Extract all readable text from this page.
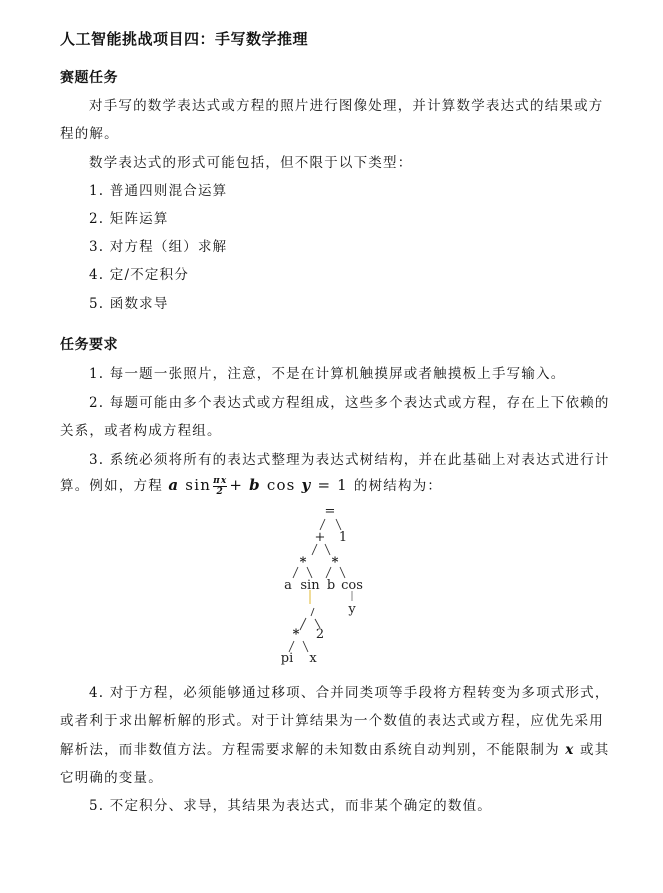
人工智能挑战项目四：手写数学推理
赛题任务
对手写的数学表达式或方程的照片进行图像处理，并计算数学表达式的结果或方
程的解。
数学表达式的形式可能包括，但不限于以下类型：
1. 普通四则混合运算
2. 矩阵运算
3. 对方程（组）求解
4. 定/不定积分
5. 函数求导
任务要求
1. 每一题一张照片，注意，不是在计算机触摸屏或者触摸板上手写输入。
2. 每题可能由多个表达式或方程组成，这些多个表达式或方程，存在上下依赖的
关系，或者构成方程组。
3. 系统必须将所有的表达式整理为表达式树结构，并在此基础上对表达式进行计
算。例如，方程 a $\sin \frac{\pi x}{2} + b$ cos y = 1 的树结构为：
=
+ 1
* *
a sin b cos
y
* 2
pi x
4. 对于方程，必须能够通过移项、合并同类项等手段将方程转变为多项式形式，
或者利于求出解析解的形式。对于计算结果为一个数值的表达式或方程，应优先采用
解析法，而非数值方法。方程需要求解的未知数由系统自动判别，不能限制为 x 或其
它明确的变量。
5. 不定积分、求导，其结果为表达式，而非某个确定的数值。
